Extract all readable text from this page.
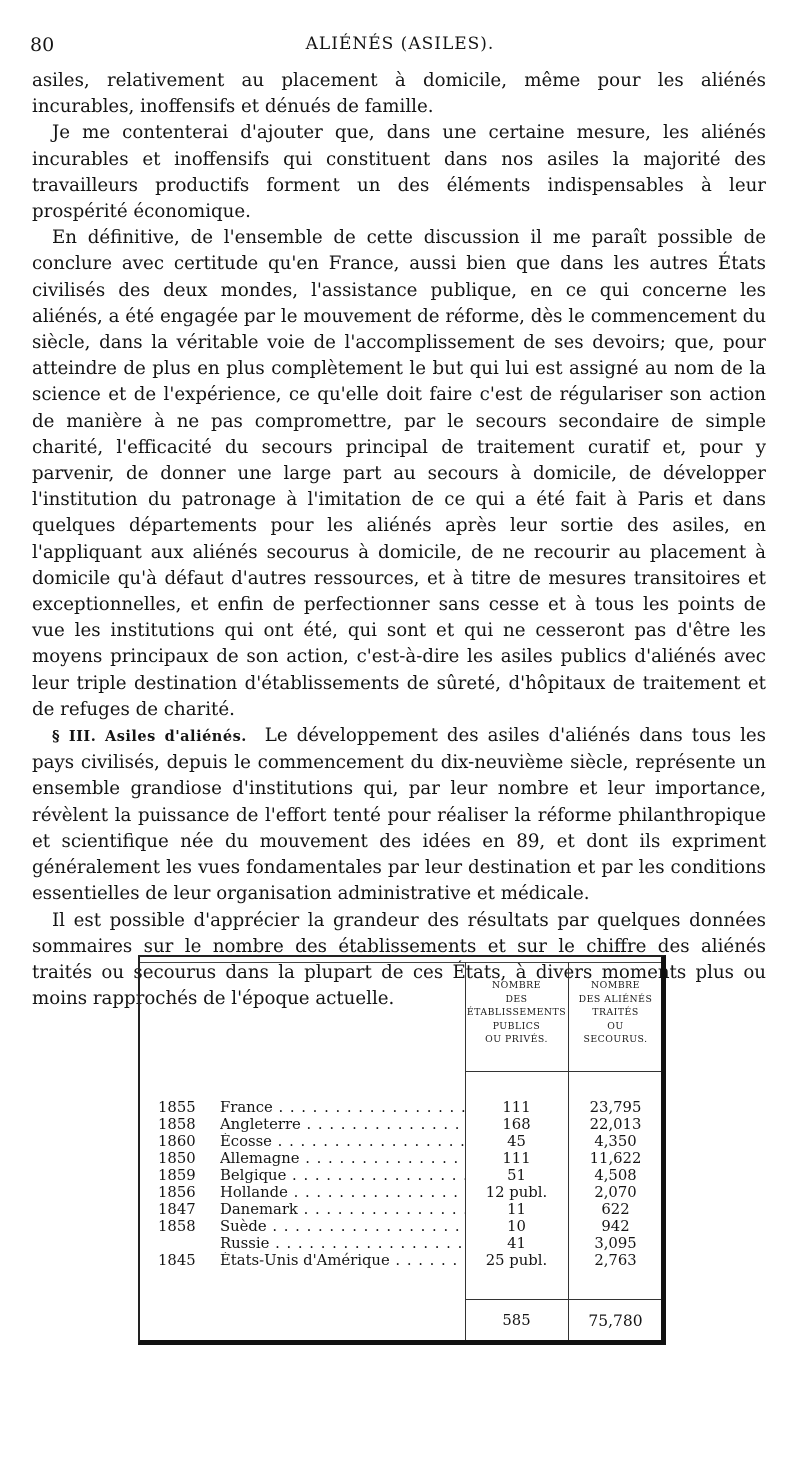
80	ALIÉNÉS (ASILES).

asiles, relativement au placement à domicile, même pour les aliénés incurables, inoffensifs et dénués de famille.

Je me contenterai d'ajouter que, dans une certaine mesure, les aliénés incurables et inoffensifs qui constituent dans nos asiles la majorité des travailleurs productifs forment un des éléments indispensables à leur prospérité économique.

En définitive, de l'ensemble de cette discussion il me paraît possible de conclure avec certitude qu'en France, aussi bien que dans les autres États civilisés des deux mondes, l'assistance publique, en ce qui concerne les aliénés, a été engagée par le mouvement de réforme, dès le commencement du siècle, dans la véritable voie de l'accomplissement de ses devoirs; que, pour atteindre de plus en plus complètement le but qui lui est assigné au nom de la science et de l'expérience, ce qu'elle doit faire c'est de régulariser son action de manière à ne pas compromettre, par le secours secondaire de simple charité, l'efficacité du secours principal de traitement curatif et, pour y parvenir, de donner une large part au secours à domicile, de développer l'institution du patronage à l'imitation de ce qui a été fait à Paris et dans quelques départements pour les aliénés après leur sortie des asiles, en l'appliquant aux aliénés secourus à domicile, de ne recourir au placement à domicile qu'à défaut d'autres ressources, et à titre de mesures transitoires et exceptionnelles, et enfin de perfectionner sans cesse et à tous les points de vue les institutions qui ont été, qui sont et qui ne cesseront pas d'être les moyens principaux de son action, c'est-à-dire les asiles publics d'aliénés avec leur triple destination d'établissements de sûreté, d'hôpitaux de traitement et de refuges de charité.

§ III. Asiles d'aliénés. Le développement des asiles d'aliénés dans tous les pays civilisés, depuis le commencement du dix-neuvième siècle, représente un ensemble grandiose d'institutions qui, par leur nombre et leur importance, révèlent la puissance de l'effort tenté pour réaliser la réforme philanthropique et scientifique née du mouvement des idées en 89, et dont ils expriment généralement les vues fondamentales par leur destination et par les conditions essentielles de leur organisation administrative et médicale.

Il est possible d'apprécier la grandeur des résultats par quelques données sommaires sur le nombre des établissements et sur le chiffre des aliénés traités ou secourus dans la plupart de ces États, à divers moments plus ou moins rapprochés de l'époque actuelle.

NOMBRE
DES
ÉTABLISSEMENTS
PUBLICS
OU PRIVÉS.
NOMBRE
DES ALIÉNÉS
TRAITÉS
OU
SECOURUS.
1855	France . . .	111	23,795
1858	Angleterre . . .	168	22,013
1860	Écosse . . .	45	4,350
1850	Allemagne . . .	111	11,622
1859	Belgique . . .	51	4,508
1856	Hollande . . .	12 publ.	2,070
1847	Danemark . . .	11	622
1858	Suède . . .	10	942
Russie . . .	41	3,095
1845	États-Unis d'Amérique . . .	25 publ.	2,763
585	75,780
